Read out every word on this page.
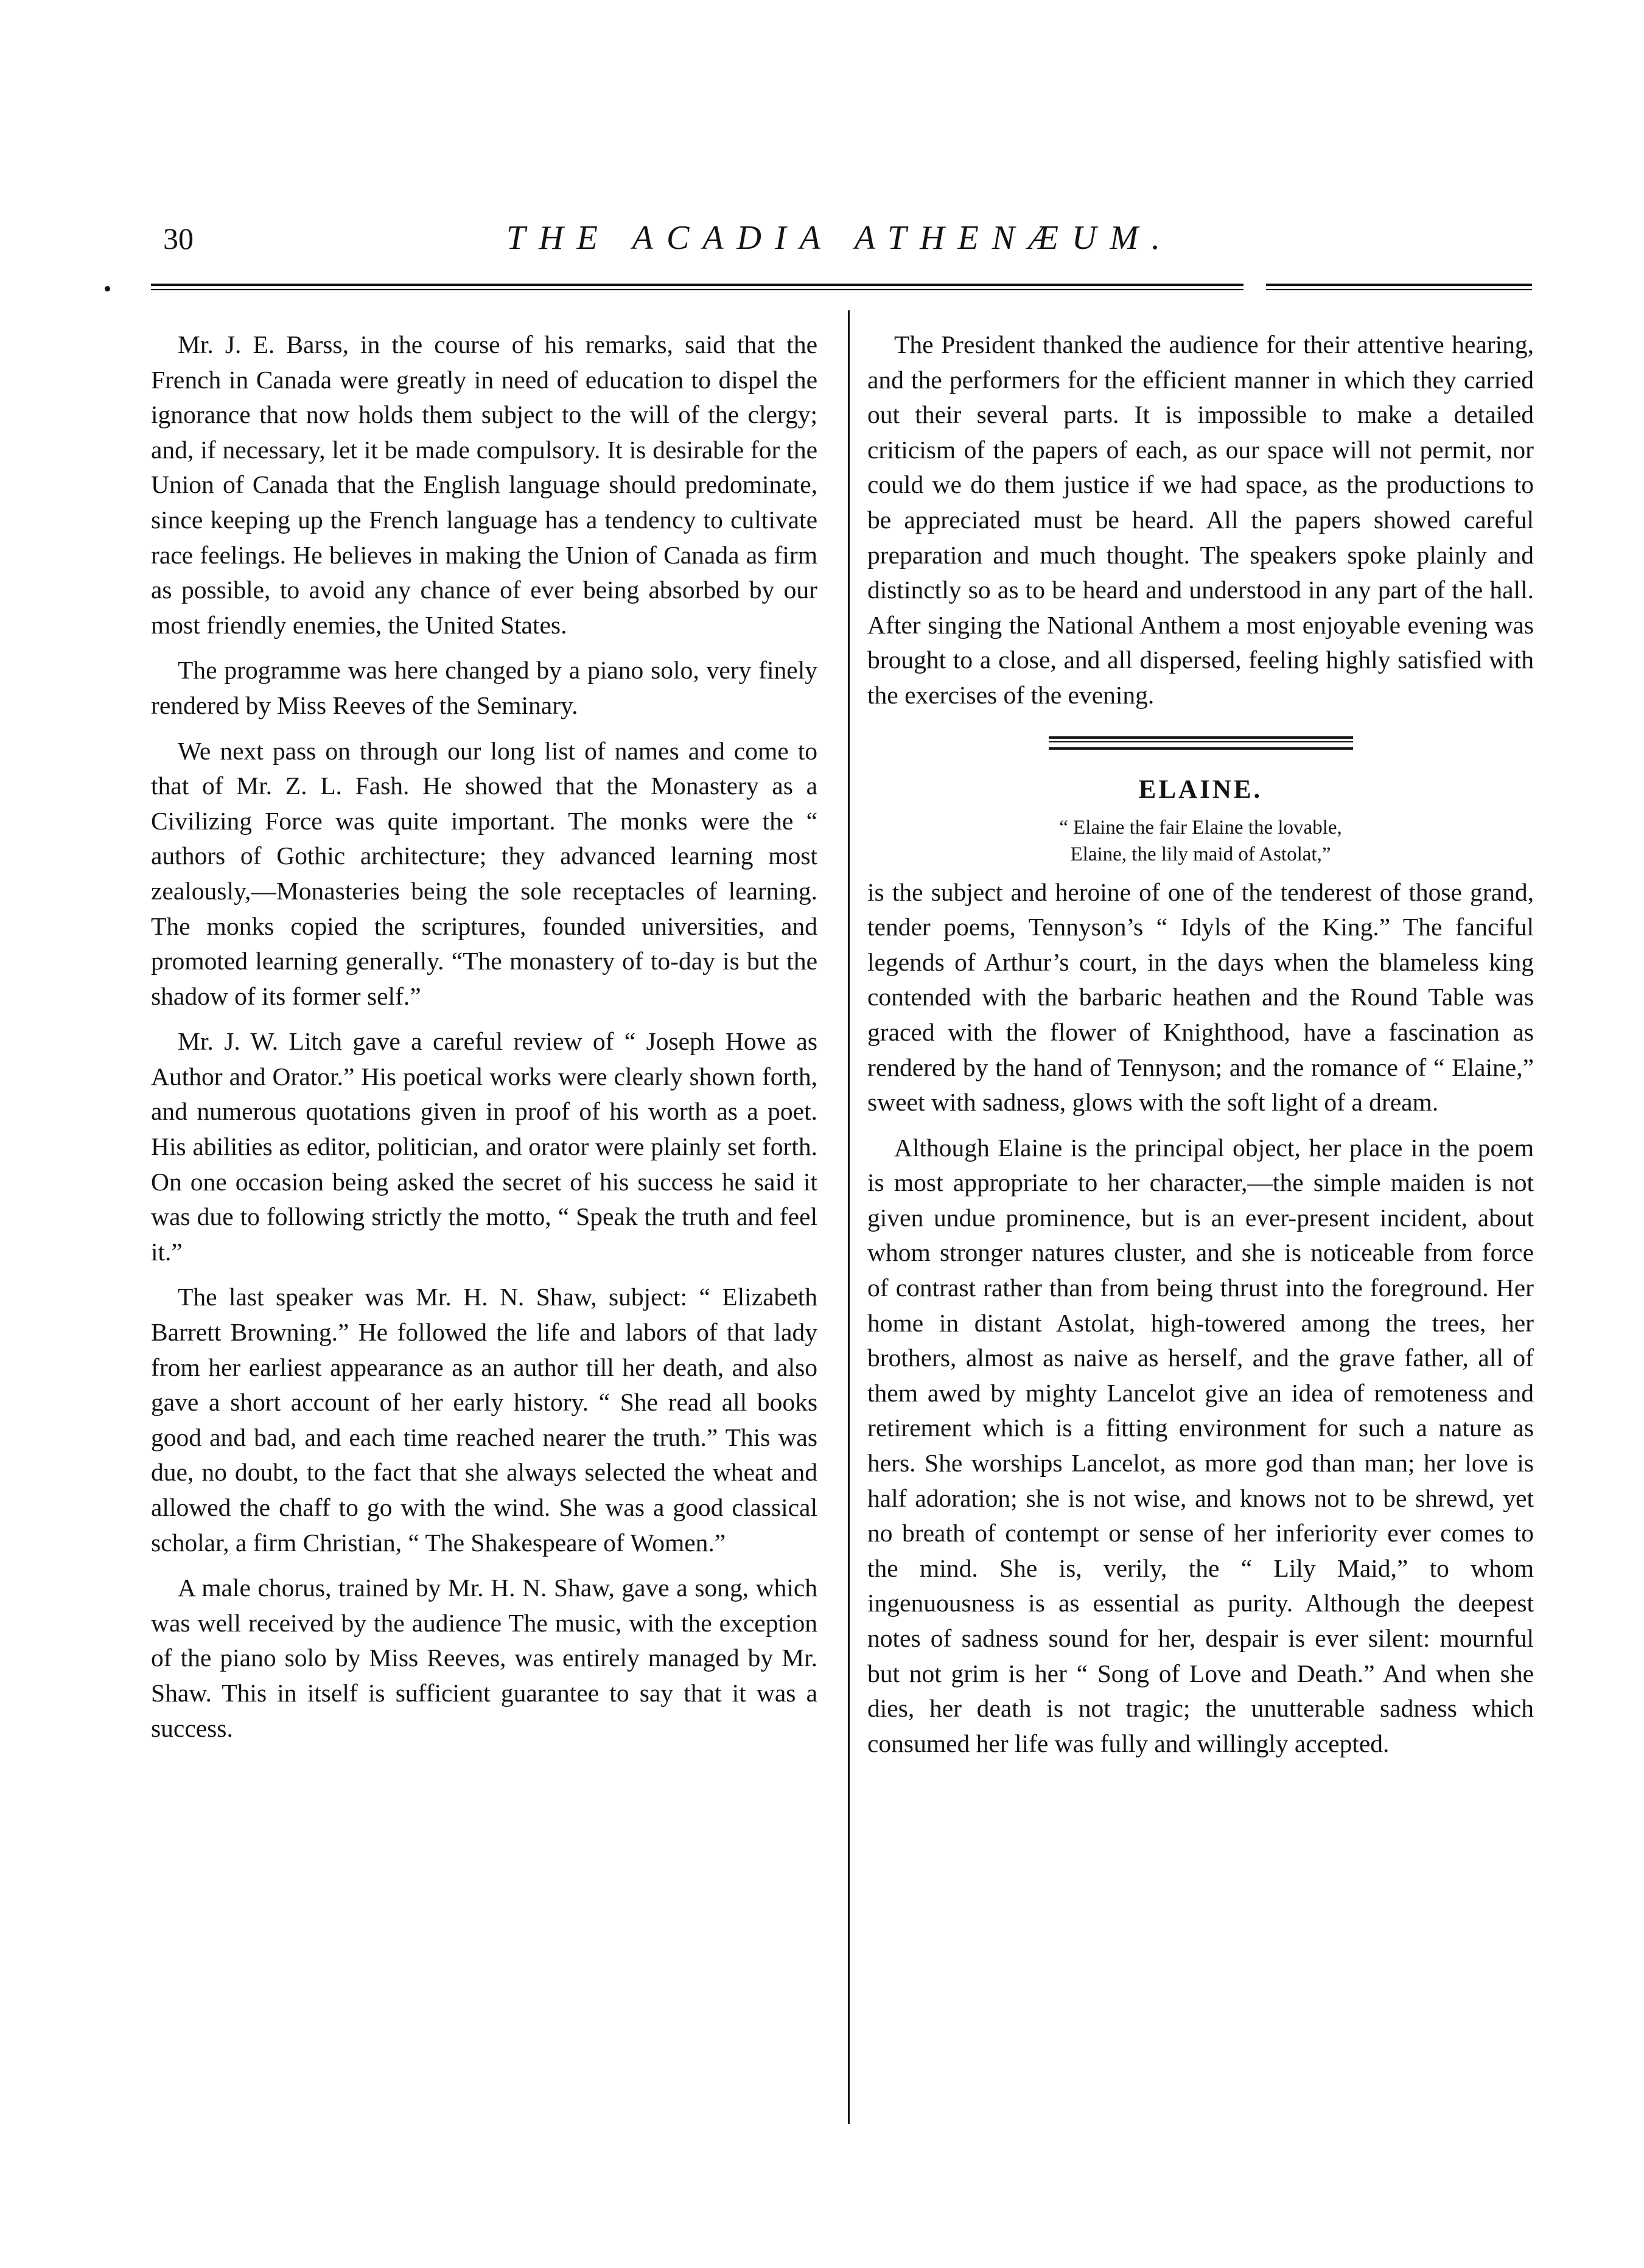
30	THE ACADIA ATHENÆUM.

Mr. J. E. Barss, in the course of his remarks, said that the French in Canada were greatly in need of education to dispel the ignorance that now holds them subject to the will of the clergy; and, if necessary, let it be made compulsory. It is desirable for the Union of Canada that the English language should predominate, since keeping up the French language has a tendency to cultivate race feelings. He believes in making the Union of Canada as firm as possible, to avoid any chance of ever being absorbed by our most friendly enemies, the United States.

The programme was here changed by a piano solo, very finely rendered by Miss Reeves of the Seminary.

We next pass on through our long list of names and come to that of Mr. Z. L. Fash. He showed that the Monastery as a Civilizing Force was quite important. The monks were the “ authors of Gothic architecture; they advanced learning most zealously,—Monasteries being the sole receptacles of learning. The monks copied the scriptures, founded universities, and promoted learning generally. “The monastery of to-day is but the shadow of its former self.”

Mr. J. W. Litch gave a careful review of “ Joseph Howe as Author and Orator.” His poetical works were clearly shown forth, and numerous quotations given in proof of his worth as a poet. His abilities as editor, politician, and orator were plainly set forth. On one occasion being asked the secret of his success he said it was due to following strictly the motto, “ Speak the truth and feel it.”

The last speaker was Mr. H. N. Shaw, subject: “ Elizabeth Barrett Browning.” He followed the life and labors of that lady from her earliest appearance as an author till her death, and also gave a short account of her early history. “ She read all books good and bad, and each time reached nearer the truth.” This was due, no doubt, to the fact that she always selected the wheat and allowed the chaff to go with the wind. She was a good classical scholar, a firm Christian, “ The Shakespeare of Women.”

A male chorus, trained by Mr. H. N. Shaw, gave a song, which was well received by the audience The music, with the exception of the piano solo by Miss Reeves, was entirely managed by Mr. Shaw. This in itself is sufficient guarantee to say that it was a success.

The President thanked the audience for their attentive hearing, and the performers for the efficient manner in which they carried out their several parts. It is impossible to make a detailed criticism of the papers of each, as our space will not permit, nor could we do them justice if we had space, as the productions to be appreciated must be heard. All the papers showed careful preparation and much thought. The speakers spoke plainly and distinctly so as to be heard and understood in any part of the hall. After singing the National Anthem a most enjoyable evening was brought to a close, and all dispersed, feeling highly satisfied with the exercises of the evening.

ELAINE.
“ Elaine the fair Elaine the lovable,
Elaine, the lily maid of Astolat,”

is the subject and heroine of one of the tenderest of those grand, tender poems, Tennyson’s “ Idyls of the King.” The fanciful legends of Arthur’s court, in the days when the blameless king contended with the barbaric heathen and the Round Table was graced with the flower of Knighthood, have a fascination as rendered by the hand of Tennyson; and the romance of “ Elaine,” sweet with sadness, glows with the soft light of a dream.

Although Elaine is the principal object, her place in the poem is most appropriate to her character,—the simple maiden is not given undue prominence, but is an ever-present incident, about whom stronger natures cluster, and she is noticeable from force of contrast rather than from being thrust into the foreground. Her home in distant Astolat, high-towered among the trees, her brothers, almost as naive as herself, and the grave father, all of them awed by mighty Lancelot give an idea of remoteness and retirement which is a fitting environment for such a nature as hers. She worships Lancelot, as more god than man; her love is half adoration; she is not wise, and knows not to be shrewd, yet no breath of contempt or sense of her inferiority ever comes to the mind. She is, verily, the “ Lily Maid,” to whom ingenuousness is as essential as purity. Although the deepest notes of sadness sound for her, despair is ever silent: mournful but not grim is her “ Song of Love and Death.” And when she dies, her death is not tragic; the unutterable sadness which consumed her life was fully and willingly accepted.
